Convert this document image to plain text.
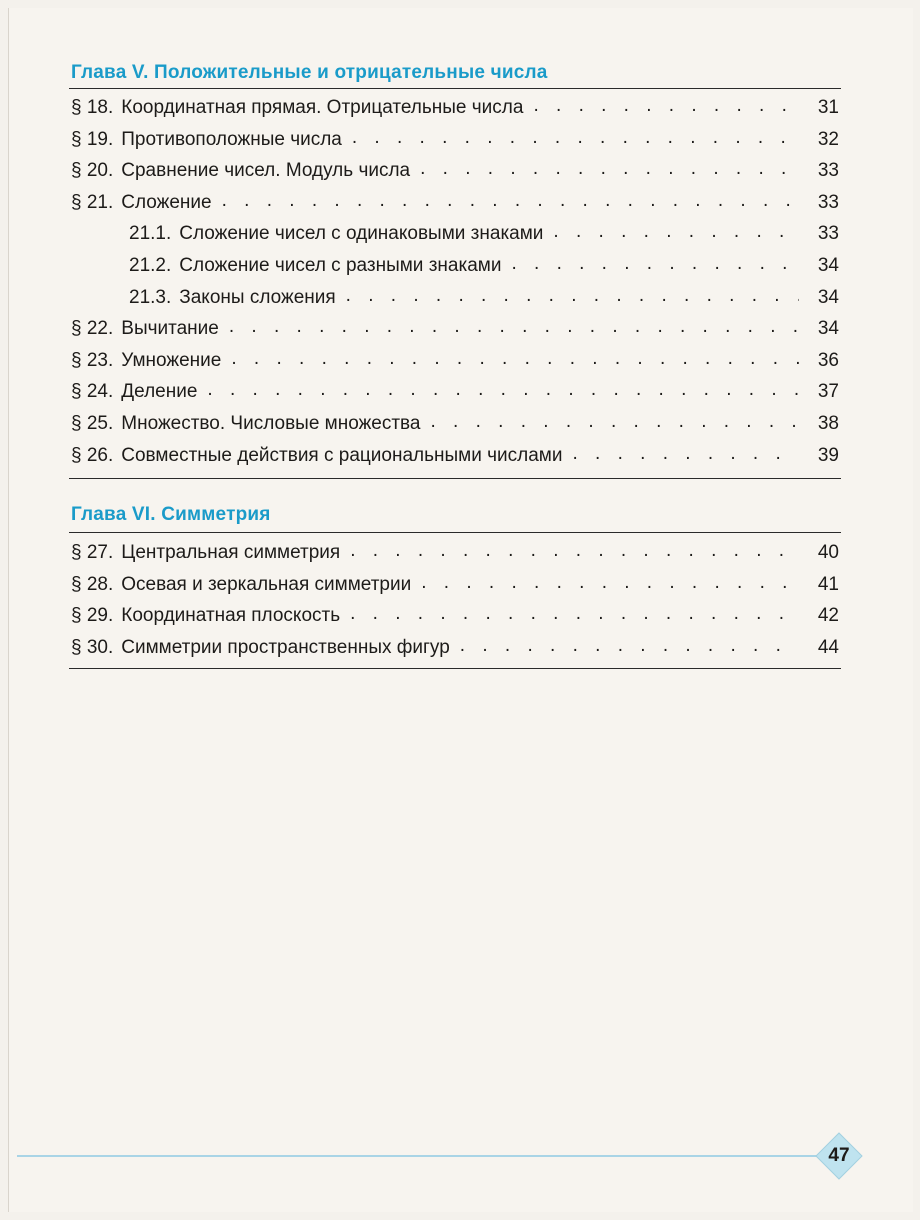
Глава V. Положительные и отрицательные числа
§ 18. Координатная прямая. Отрицательные числа . . .	31
§ 19. Противоположные числа . . .	32
§ 20. Сравнение чисел. Модуль числа . . .	33
§ 21. Сложение . . .	33
21.1. Сложение чисел с одинаковыми знаками . . .	33
21.2. Сложение чисел с разными знаками . . .	34
21.3. Законы сложения . . .	34
§ 22. Вычитание . . .	34
§ 23. Умножение . . .	36
§ 24. Деление . . .	37
§ 25. Множество. Числовые множества . . .	38
§ 26. Совместные действия с рациональными числами . . .	39
Глава VI. Симметрия
§ 27. Центральная симметрия . . .	40
§ 28. Осевая и зеркальная симметрии . . .	41
§ 29. Координатная плоскость . . .	42
§ 30. Симметрии пространственных фигур . . .	44
47
